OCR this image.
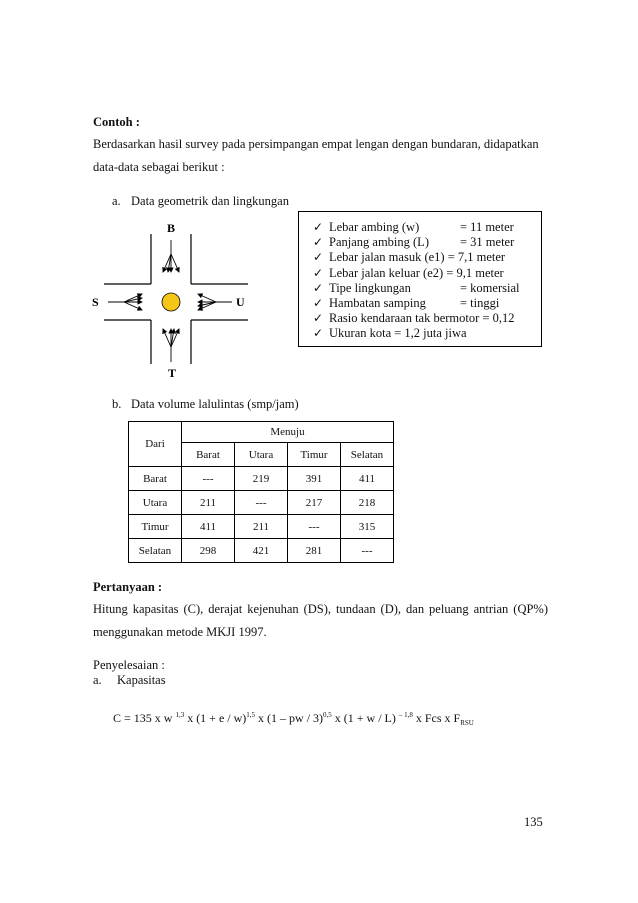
Contoh :
Berdasarkan hasil survey pada persimpangan empat lengan dengan bundaran, didapatkan
data-data sebagai berikut :
a. Data geometrik dan lingkungan
B
T
S	U
✓ Lebar ambing (w)	= 11 meter
✓ Panjang ambing (L) = 31 meter
✓ Lebar jalan masuk (e1) = 7,1 meter
✓ Lebar jalan keluar (e2) = 9,1 meter
✓ Tipe lingkungan	= komersial
✓ Hambatan samping	= tinggi
✓ Rasio kendaraan tak bermotor = 0,12
✓ Ukuran kota = 1,2 juta jiwa
b. Data volume lalulintas (smp/jam)
Dari	Menuju			
	Barat	Utara	Timur	Selatan
Barat	---	219	391	411
Utara	211	---	217	218
Timur	411	211	---	315
Selatan	298	421	281	---
Pertanyaan :
Hitung kapasitas (C), derajat kejenuhan (DS), tundaan (D), dan peluang antrian (QP%)
menggunakan metode MKJI 1997.
Penyelesaian :
a. Kapasitas
C = 135 x w $^{1,3}$ x $(1 + e / w)^{1,5}$ x (1 – pw / 3)$^{0,5}$ x (1 + w / L) $^{- 1,8}$ x Fcs x $F_{RSU}$
135
